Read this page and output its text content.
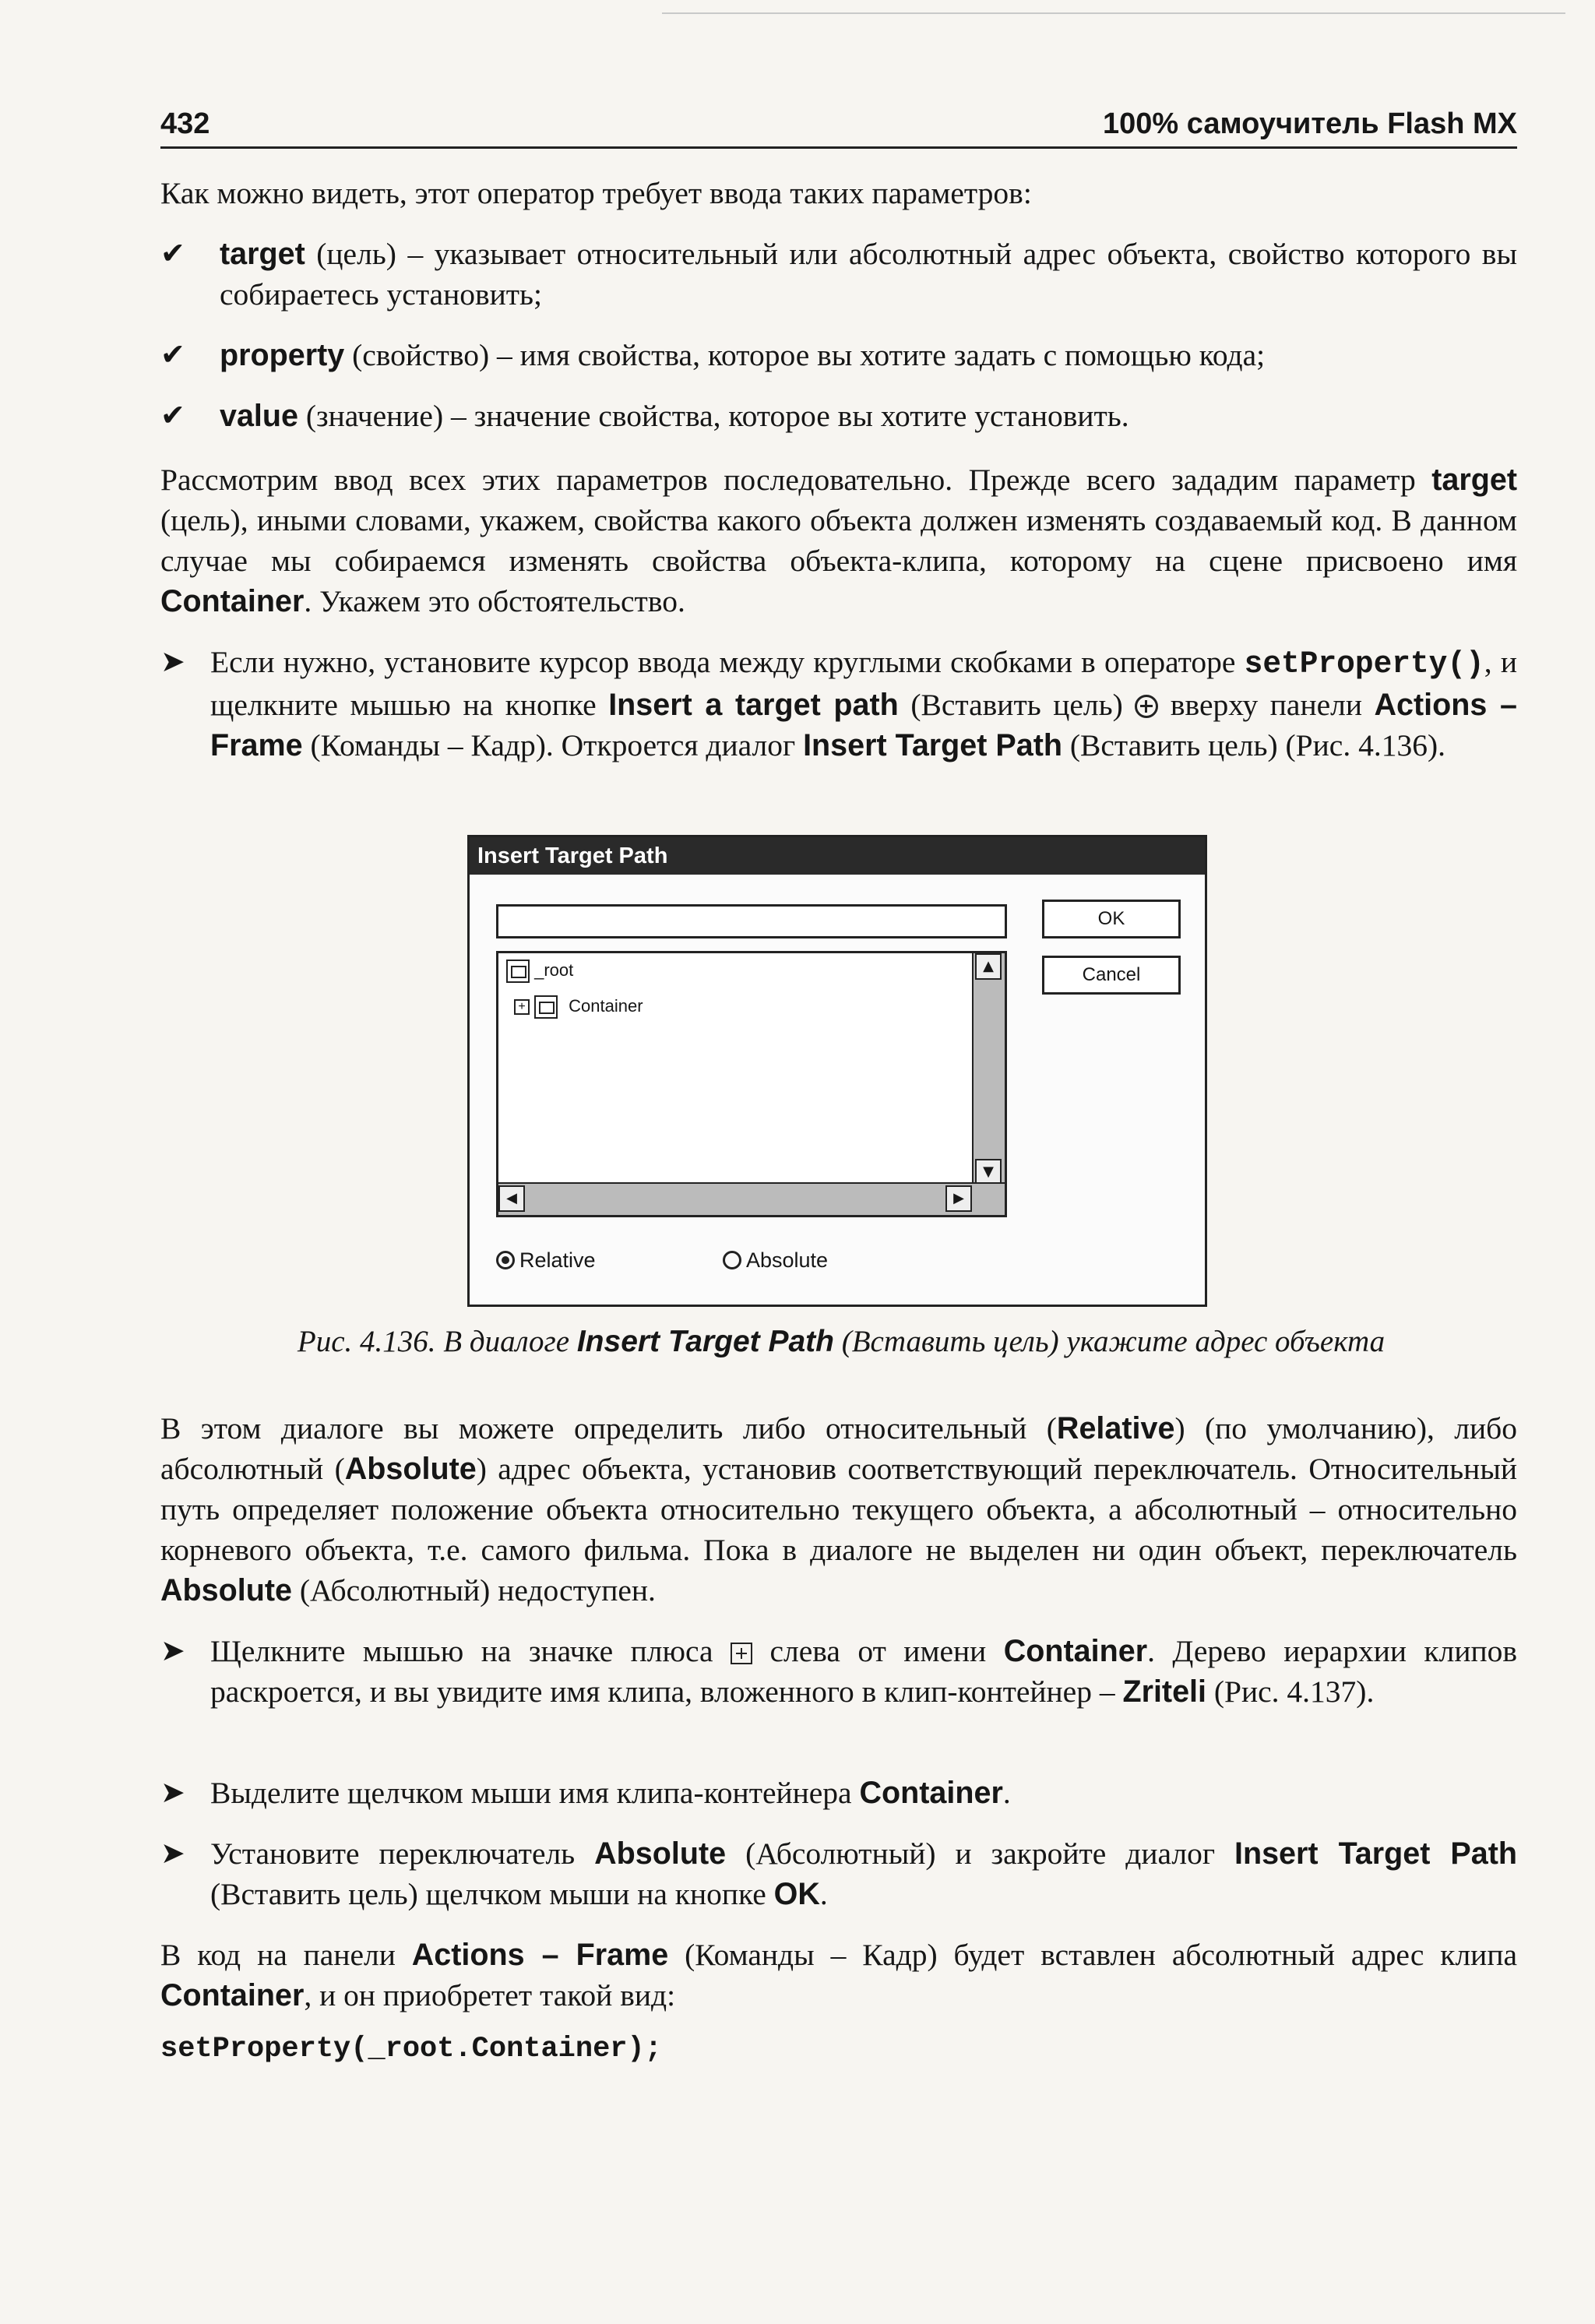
432	100% самоучитель Flash MX
Как можно видеть, этот оператор требует ввода таких параметров:
✔ target (цель) – указывает относительный или абсолютный адрес объекта, свойство которого вы собираетесь установить;
✔ property (свойство) – имя свойства, которое вы хотите задать с помощью кода;
✔ value (значение) – значение свойства, которое вы хотите установить.
Рассмотрим ввод всех этих параметров последовательно. Прежде всего зададим параметр target (цель), иными словами, укажем, свойства какого объекта должен изменять создаваемый код. В данном случае мы собираемся изменять свойства объекта-клипа, которому на сцене присвоено имя Container. Укажем это обстоятельство.
➤ Если нужно, установите курсор ввода между круглыми скобками в операторе setProperty(), и щелкните мышью на кнопке Insert a target path (Вставить цель)  вверху панели Actions – Frame (Команды – Кадр). Откроется диалог Insert Target Path (Вставить цель) (Рис. 4.136).
Insert Target Path
OK
Cancel
_root
+	Container
▲
▼
◀	▶
Relative	Absolute
Рис. 4.136. В диалоге Insert Target Path (Вставить цель) укажите адрес объекта
В этом диалоге вы можете определить либо относительный (Relative) (по умолчанию), либо абсолютный (Absolute) адрес объекта, установив соответствующий переключатель. Относительный путь определяет положение объекта относительно текущего объекта, а абсолютный – относительно корневого объекта, т.е. самого фильма. Пока в диалоге не выделен ни один объект, переключатель Absolute (Абсолютный) недоступен.
➤ Щелкните мышью на значке плюса  слева от имени Container. Дерево иерархии клипов раскроется, и вы увидите имя клипа, вложенного в клип-контейнер – Zriteli (Рис. 4.137).
➤ Выделите щелчком мыши имя клипа-контейнера Container.
➤ Установите переключатель Absolute (Абсолютный) и закройте диалог Insert Target Path (Вставить цель) щелчком мыши на кнопке OK.
В код на панели Actions – Frame (Команды – Кадр) будет вставлен абсолютный адрес клипа Container, и он приобретет такой вид:
setProperty(_root.Container);
